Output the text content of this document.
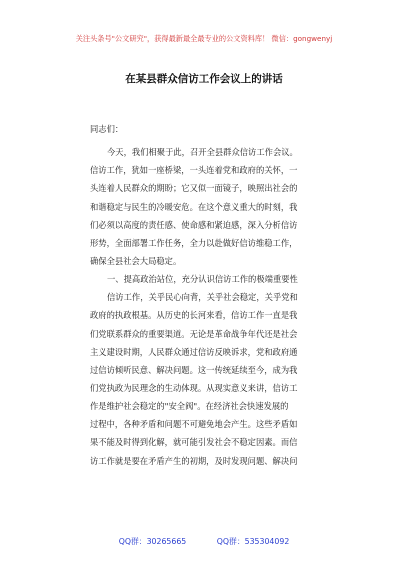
关注头条号"公文研究"，获得最新最全最专业的公文资料库！ 微信：gongwenyj
在某县群众信访工作会议上的讲话
同志们：
今天，我们相聚于此，召开全县群众信访工作会议。
信访工作，犹如一座桥梁，一头连着党和政府的关怀，一
头连着人民群众的期盼；它又似一面镜子，映照出社会的
和谐稳定与民生的冷暖安危。在这个意义重大的时刻，我
们必须以高度的责任感、使命感和紧迫感，深入分析信访
形势，全面部署工作任务，全力以赴做好信访维稳工作，
确保全县社会大局稳定。
一、提高政治站位，充分认识信访工作的极端重要性
信访工作，关乎民心向背，关乎社会稳定，关乎党和
政府的执政根基。从历史的长河来看，信访工作一直是我
们党联系群众的重要渠道。无论是革命战争年代还是社会
主义建设时期，人民群众通过信访反映诉求，党和政府通
过信访倾听民意、解决问题。这一传统延续至今，成为我
们党执政为民理念的生动体现。从现实意义来讲，信访工
作是维护社会稳定的"安全阀"。在经济社会快速发展的
过程中，各种矛盾和问题不可避免地会产生。这些矛盾如
果不能及时得到化解，就可能引发社会不稳定因素。而信
访工作就是要在矛盾产生的初期，及时发现问题、解决问
QQ群：30265665	QQ群：535304092
